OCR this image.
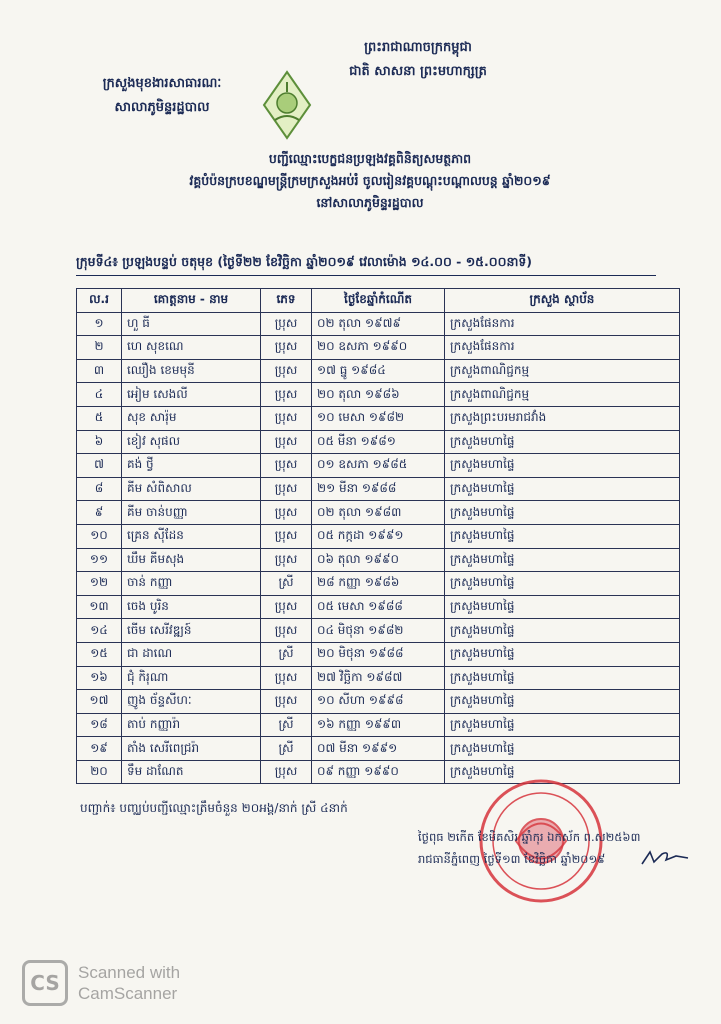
ព្រះរាជាណាចក្រកម្ពុជា
ជាតិ សាសនា ព្រះមហាក្សត្រ
ក្រសួងមុខងារសាធារណៈ
សាលាភូមិន្ទរដ្ឋបាល
បញ្ជីឈ្មោះបេក្ខជនប្រឡងវគ្គពិនិត្យសមត្ថភាព
វគ្គបំប៉នក្របខណ្ឌមន្ត្រីក្រមក្រសួងអប់រំ ចូលរៀនវគ្គបណ្តុះបណ្តាលបន្ត ឆ្នាំ២០១៩
នៅសាលាភូមិន្ទរដ្ឋបាល
ក្រុមទី៤៖ ប្រឡងបន្ទប់ ចតុមុខ (ថ្ងៃទី២២ ខែវិច្ឆិកា ឆ្នាំ២០១៩ វេលាម៉ោង ១៤.០០ - ១៥.០០នាទី)
ល.រ	គោត្តនាម - នាម	ភេទ	ថ្ងៃខែឆ្នាំកំណើត	ក្រសួង ស្ថាប័ន
១	ហួ ធី	ប្រុស	០២ តុលា ១៩៧៩	ក្រសួងផែនការ
២	ហេ សុខណេ	ប្រុស	២០ ឧសភា ១៩៩០	ក្រសួងផែនការ
៣	ឈឿង ខេមមុនី	ប្រុស	១៧ ធ្នូ ១៩៨៤	ក្រសួងពាណិជ្ជកម្ម
៤	អៀម សេងលី	ប្រុស	២០ តុលា ១៩៨៦	ក្រសួងពាណិជ្ជកម្ម
៥	សុខ សារ៉ុម	ប្រុស	១០ មេសា ១៩៨២	ក្រសួងព្រះបរមរាជវាំង
៦	ខៀវ សុផល	ប្រុស	០៥ មីនា ១៩៨១	ក្រសួងមហាផ្ទៃ
៧	គង់ ថ្វី	ប្រុស	០១ ឧសភា ១៩៨៥	ក្រសួងមហាផ្ទៃ
៨	គីម សំពិសាល	ប្រុស	២១ មីនា ១៩៨៨	ក្រសួងមហាផ្ទៃ
៩	គីម ចាន់បញ្ញា	ប្រុស	០២ តុលា ១៩៨៣	ក្រសួងមហាផ្ទៃ
១០	គ្រេន ស៊ីដែន	ប្រុស	០៥ កក្កដា ១៩៩១	ក្រសួងមហាផ្ទៃ
១១	ឃឹម គីមសុង	ប្រុស	០៦ តុលា ១៩៩០	ក្រសួងមហាផ្ទៃ
១២	ចាន់ កញ្ញា	ស្រី	២៨ កញ្ញា ១៩៨៦	ក្រសួងមហាផ្ទៃ
១៣	ចេង បូរិន	ប្រុស	០៥ មេសា ១៩៨៨	ក្រសួងមហាផ្ទៃ
១៤	ចើម សេរីវឌ្ឍន៍	ប្រុស	០៤ មិថុនា ១៩៨២	ក្រសួងមហាផ្ទៃ
១៥	ជា ដាណេ	ស្រី	២០ មិថុនា ១៩៨៨	ក្រសួងមហាផ្ទៃ
១៦	ជុំ កិរុណា	ប្រុស	២៧ វិច្ឆិកា ១៩៨៧	ក្រសួងមហាផ្ទៃ
១៧	ញូង ច័ន្ទសីហៈ	ប្រុស	១០ សីហា ១៩៩៨	ក្រសួងមហាផ្ទៃ
១៨	តាប់ កញ្ញារ៉ា	ស្រី	១៦ កញ្ញា ១៩៩៣	ក្រសួងមហាផ្ទៃ
១៩	តាំង សេរីពេជ្ររ៉ា	ស្រី	០៧ មីនា ១៩៩១	ក្រសួងមហាផ្ទៃ
២០	ទឹម ដាណែត	ប្រុស	០៩ កញ្ញា ១៩៩០	ក្រសួងមហាផ្ទៃ
បញ្ជាក់៖ បញ្ឈប់បញ្ជីឈ្មោះត្រឹមចំនួន ២០អង្គ/នាក់ ស្រី ៤នាក់
ថ្ងៃពុធ ២កើត ខែមិគសិរ ឆ្នាំកុរ ឯកស័ក ព.ស២៥៦៣
រាជធានីភ្នំពេញ ថ្ងៃទី១៣ ខែវិច្ឆិកា ឆ្នាំ២០១៩
CS	Scanned with
CamScanner
